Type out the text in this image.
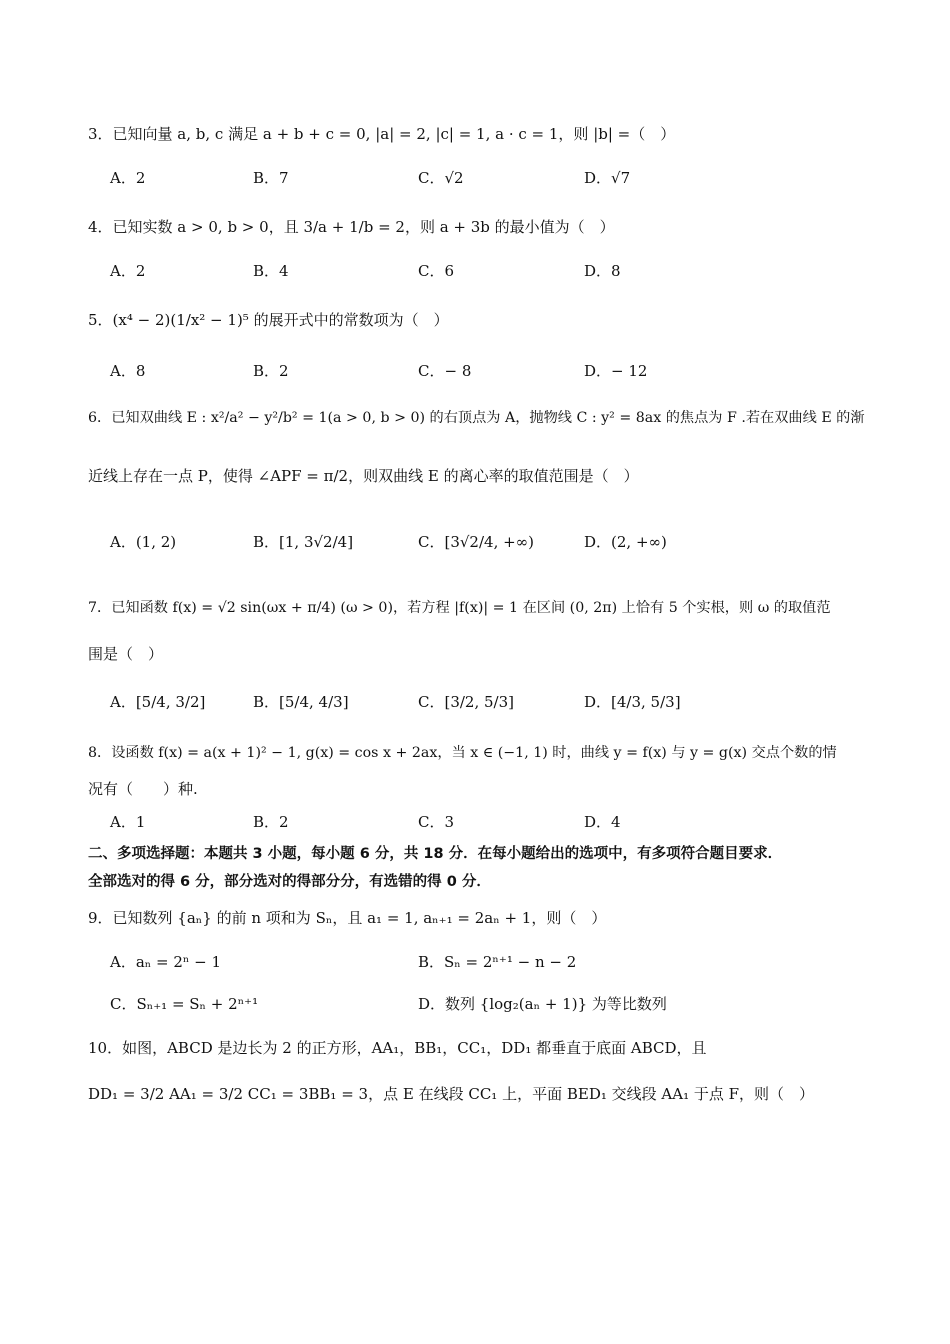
3．已知向量 a, b, c 满足 a + b + c = 0, |a| = 2, |c| = 1, a · c = 1，则 |b| =（　）
A．2	B．7	C．√2	D．√7
4．已知实数 a > 0, b > 0，且 3/a + 1/b = 2，则 a + 3b 的最小值为（　）
A．2	B．4	C．6	D．8
5．(x⁴ − 2)(1/x² − 1)⁵ 的展开式中的常数项为（　）
A．8	B．2	C．− 8	D．− 12
6．已知双曲线 E : x²/a² − y²/b² = 1(a > 0, b > 0) 的右顶点为 A，抛物线 C : y² = 8ax 的焦点为 F .若在双曲线 E 的渐
近线上存在一点 P，使得 ∠APF = π/2，则双曲线 E 的离心率的取值范围是（　）
A．(1, 2)	B．[1, 3√2/4]	C．[3√2/4, +∞)	D．(2, +∞)
7．已知函数 f(x) = √2 sin(ωx + π/4) (ω > 0)，若方程 |f(x)| = 1 在区间 (0, 2π) 上恰有 5 个实根，则 ω 的取值范
围是（　）
A．[5/4, 3/2]	B．[5/4, 4/3]	C．[3/2, 5/3]	D．[4/3, 5/3]
8．设函数 f(x) = a(x + 1)² − 1, g(x) = cos x + 2ax，当 x ∈ (−1, 1) 时，曲线 y = f(x) 与 y = g(x) 交点个数的情
况有（　　）种.
A．1	B．2	C．3	D．4
二、多项选择题：本题共 3 小题，每小题 6 分，共 18 分．在每小题给出的选项中，有多项符合题目要求．
全部选对的得 6 分，部分选对的得部分分，有选错的得 0 分．
9．已知数列 {aₙ} 的前 n 项和为 Sₙ，且 a₁ = 1, aₙ₊₁ = 2aₙ + 1，则（　）
A．aₙ = 2ⁿ − 1	B．Sₙ = 2ⁿ⁺¹ − n − 2
C．Sₙ₊₁ = Sₙ + 2ⁿ⁺¹	D．数列 {log₂(aₙ + 1)} 为等比数列
10．如图，ABCD 是边长为 2 的正方形，AA₁，BB₁，CC₁，DD₁ 都垂直于底面 ABCD，且
DD₁ = 3/2 AA₁ = 3/2 CC₁ = 3BB₁ = 3，点 E 在线段 CC₁ 上，平面 BED₁ 交线段 AA₁ 于点 F，则（　）
